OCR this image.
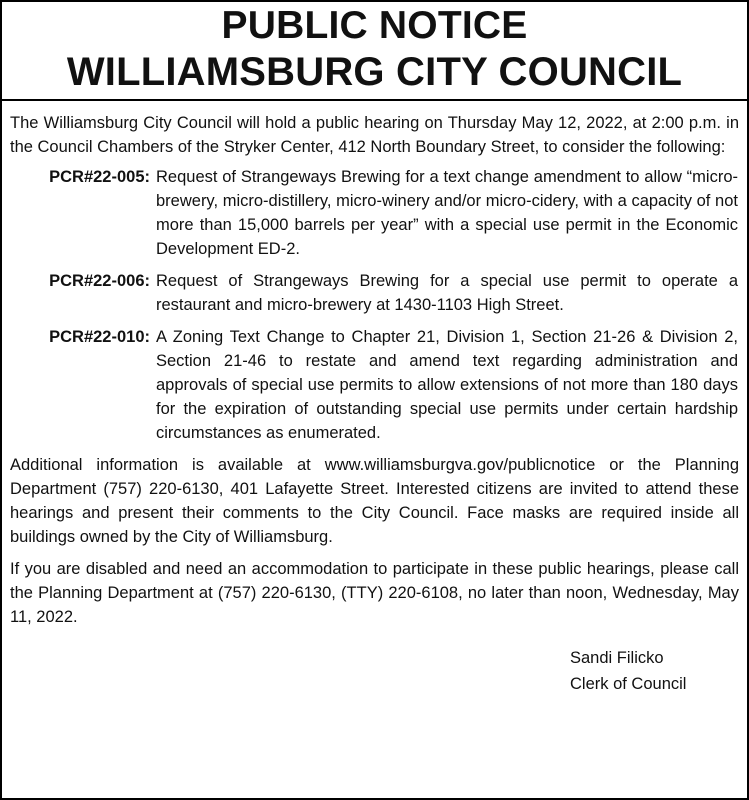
PUBLIC NOTICE
WILLIAMSBURG CITY COUNCIL

The Williamsburg City Council will hold a public hearing on Thursday May 12, 2022, at 2:00 p.m. in the Council Chambers of the Stryker Center, 412 North Boundary Street, to consider the following:

PCR#22-005: Request of Strangeways Brewing for a text change amendment to allow “micro-brewery, micro-distillery, micro-winery and/or micro-cidery, with a capacity of not more than 15,000 barrels per year” with a special use permit in the Economic Development ED-2.
PCR#22-006: Request of Strangeways Brewing for a special use permit to operate a restaurant and micro-brewery at 1430-1103 High Street.
PCR#22-010: A Zoning Text Change to Chapter 21, Division 1, Section 21-26 & Division 2, Section 21-46 to restate and amend text regarding administration and approvals of special use permits to allow extensions of not more than 180 days for the expiration of outstanding special use permits under certain hardship circumstances as enumerated.

Additional information is available at www.williamsburgva.gov/publicnotice or the Planning Department (757) 220-6130, 401 Lafayette Street. Interested citizens are invited to attend these hearings and present their comments to the City Council. Face masks are required inside all buildings owned by the City of Williamsburg.

If you are disabled and need an accommodation to participate in these public hearings, please call the Planning Department at (757) 220-6130, (TTY) 220-6108, no later than noon, Wednesday, May 11, 2022.

Sandi Filicko
Clerk of Council
